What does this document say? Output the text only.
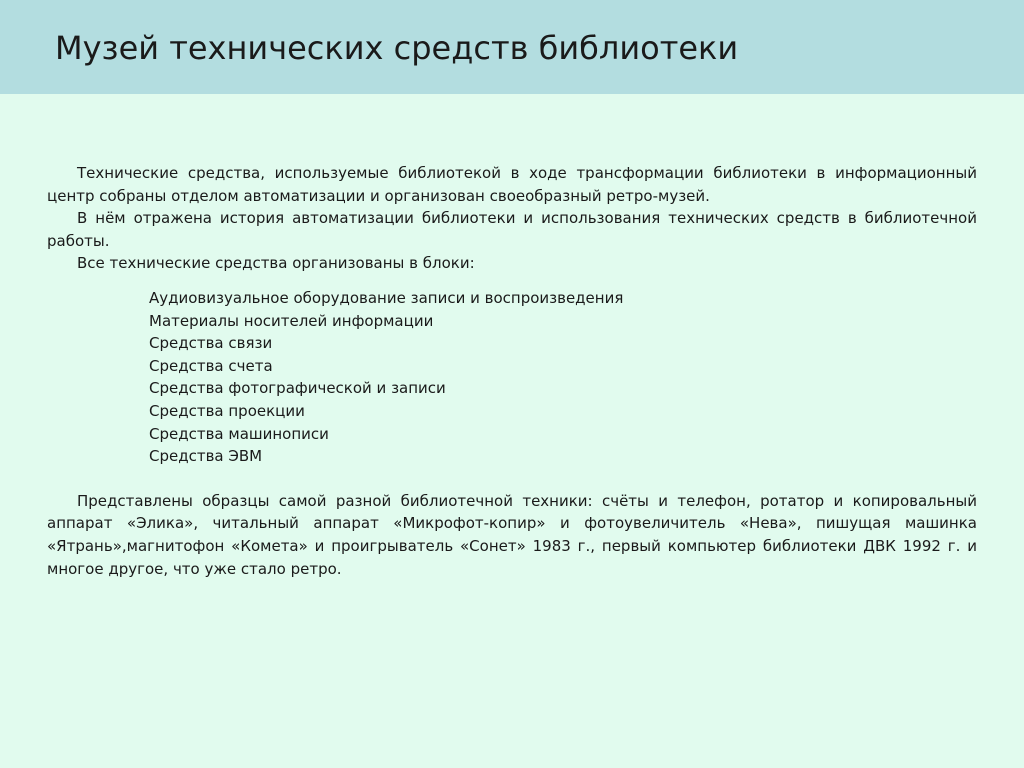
Музей технических средств библиотеки

Технические средства, используемые библиотекой в ходе трансформации библиотеки в информационный центр собраны отделом автоматизации и организован своеобразный ретро-музей.

В нём отражена история автоматизации библиотеки и использования технических средств в библиотечной работы.

Все технические средства организованы в блоки:

Аудиовизуальное оборудование записи и воспроизведения
Материалы носителей информации
Средства связи
Средства счета
Средства фотографической и записи
Средства проекции
Средства машинописи
Средства ЭВМ

Представлены образцы самой разной библиотечной техники: счёты и телефон, ротатор и копировальный аппарат «Элика», читальный аппарат «Микрофот-копир» и фотоувеличитель «Нева», пишущая машинка «Ятрань»,магнитофон «Комета» и проигрыватель «Сонет» 1983 г., первый компьютер библиотеки ДВК 1992 г. и многое другое, что уже стало ретро.
